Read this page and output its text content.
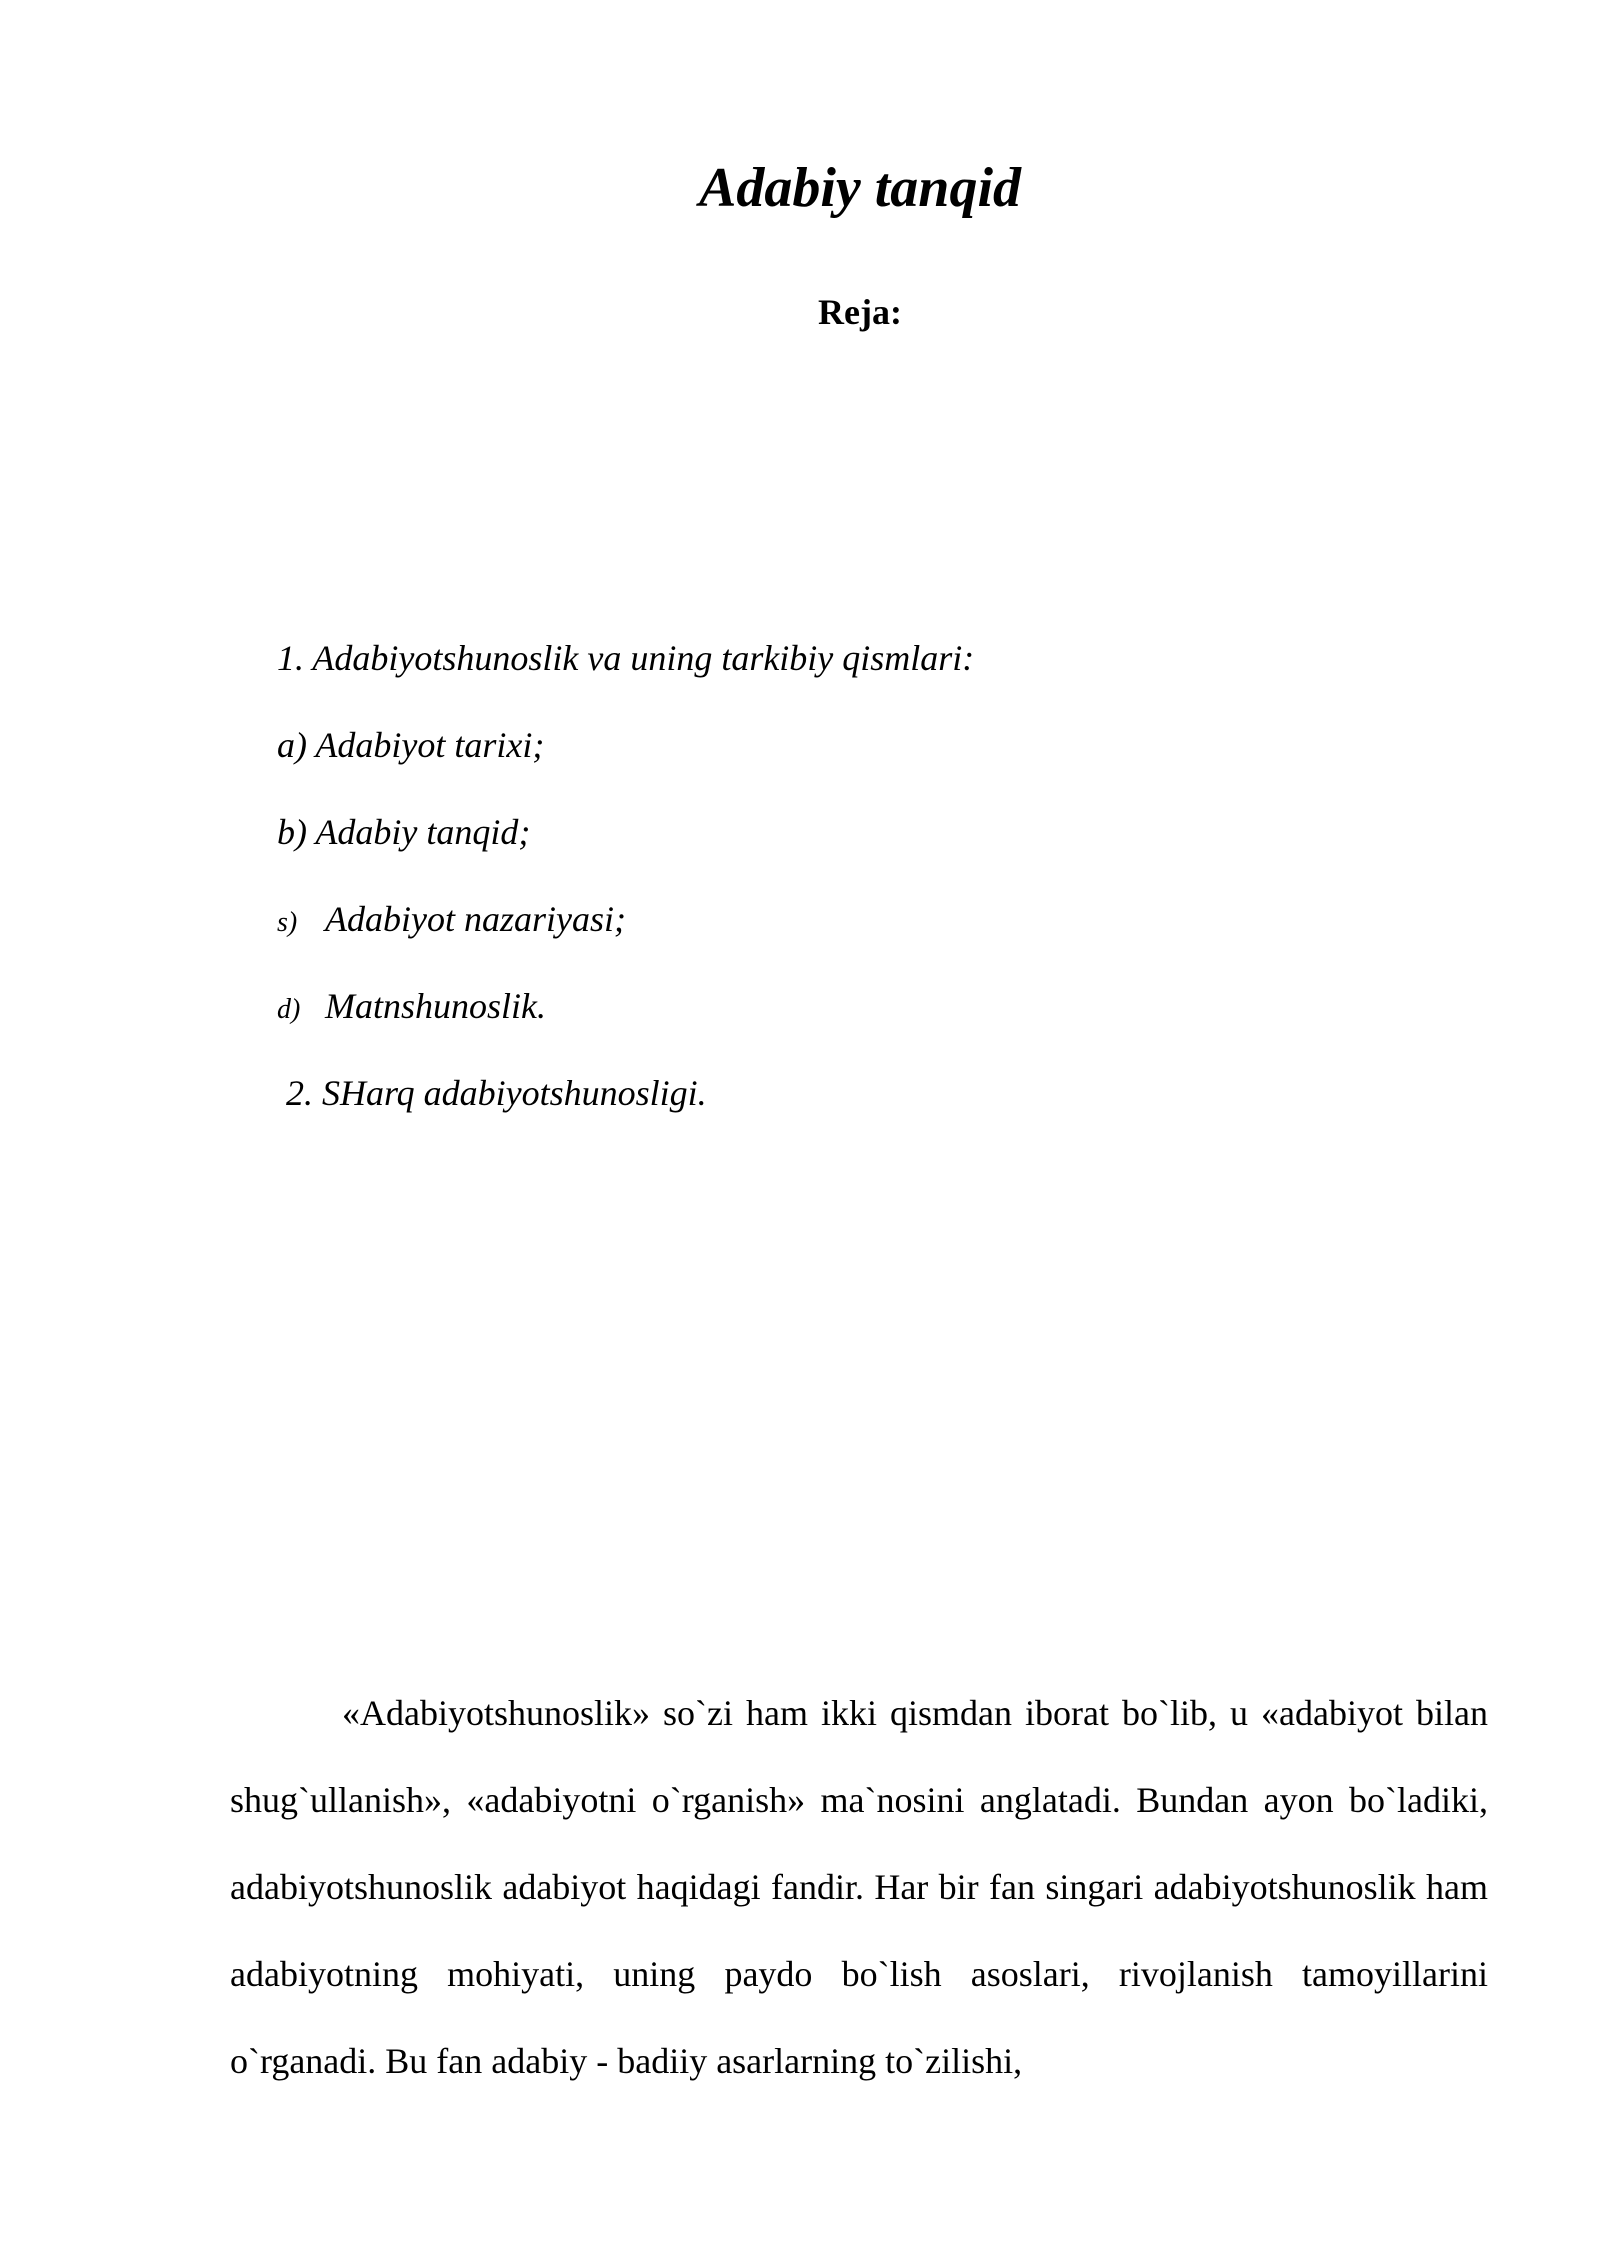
Adabiy tanqid
Reja:
1. Adabiyotshunoslik va uning tarkibiy qismlari:
a) Adabiyot tarixi;
b) Adabiy tanqid;
s) Adabiyot nazariyasi;
d) Matnshunoslik.
2. SHarq adabiyotshunosligi.
«Adabiyotshunoslik» so`zi ham ikki qismdan iborat bo`lib, u «adabiyot bilan shug`ullanish», «adabiyotni o`rganish» ma`nosini anglatadi. Bundan ayon bo`ladiki, adabiyotshunoslik adabiyot haqidagi fandir. Har bir fan singari adabiyotshunoslik ham adabiyotning mohiyati, uning paydo bo`lish asoslari, rivojlanish tamoyillarini o`rganadi. Bu fan adabiy - badiiy asarlarning to`zilishi,
